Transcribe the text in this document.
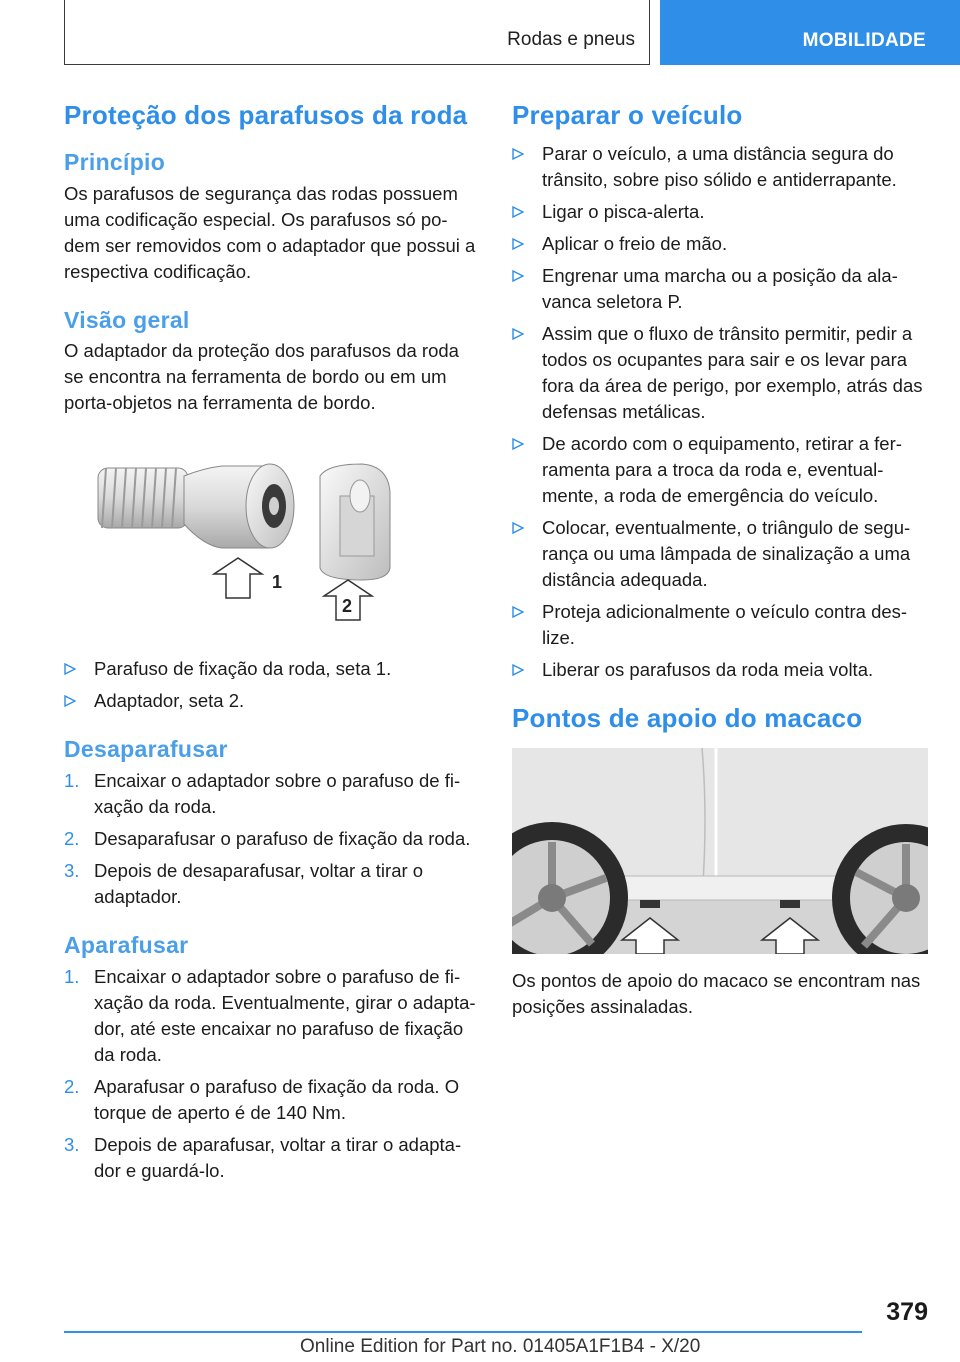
Rodas e pneus	MOBILIDADE
Proteção dos parafusos da roda
Princípio

Os parafusos de segurança das rodas possuem uma codificação especial. Os parafusos só po-dem ser removidos com o adaptador que possui a respectiva codificação.

Visão geral

O adaptador da proteção dos parafusos da roda se encontra na ferramenta de bordo ou em um porta-objetos na ferramenta de bordo.

1
2
Parafuso de fixação da roda, seta 1.
Adaptador, seta 2.
Desaparafusar
1. Encaixar o adaptador sobre o parafuso de fi-xação da roda.
2. Desaparafusar o parafuso de fixação da roda.
3. Depois de desaparafusar, voltar a tirar o adaptador.
Aparafusar
1. Encaixar o adaptador sobre o parafuso de fi-xação da roda. Eventualmente, girar o adapta-dor, até este encaixar no parafuso de fixação da roda.
2. Aparafusar o parafuso de fixação da roda. O torque de aperto é de 140 Nm.
3. Depois de aparafusar, voltar a tirar o adapta-dor e guardá-lo.
Preparar o veículo
Parar o veículo, a uma distância segura do trânsito, sobre piso sólido e antiderrapante.
Ligar o pisca-alerta.
Aplicar o freio de mão.
Engrenar uma marcha ou a posição da ala-vanca seletora P.
Assim que o fluxo de trânsito permitir, pedir a todos os ocupantes para sair e os levar para fora da área de perigo, por exemplo, atrás das defensas metálicas.
De acordo com o equipamento, retirar a fer-ramenta para a troca da roda e, eventual-mente, a roda de emergência do veículo.
Colocar, eventualmente, o triângulo de segu-rança ou uma lâmpada de sinalização a uma distância adequada.
Proteja adicionalmente o veículo contra des-lize.
Liberar os parafusos da roda meia volta.
Pontos de apoio do macaco

Os pontos de apoio do macaco se encontram nas posições assinaladas.

379
Online Edition for Part no. 01405A1F1B4 - X/20
